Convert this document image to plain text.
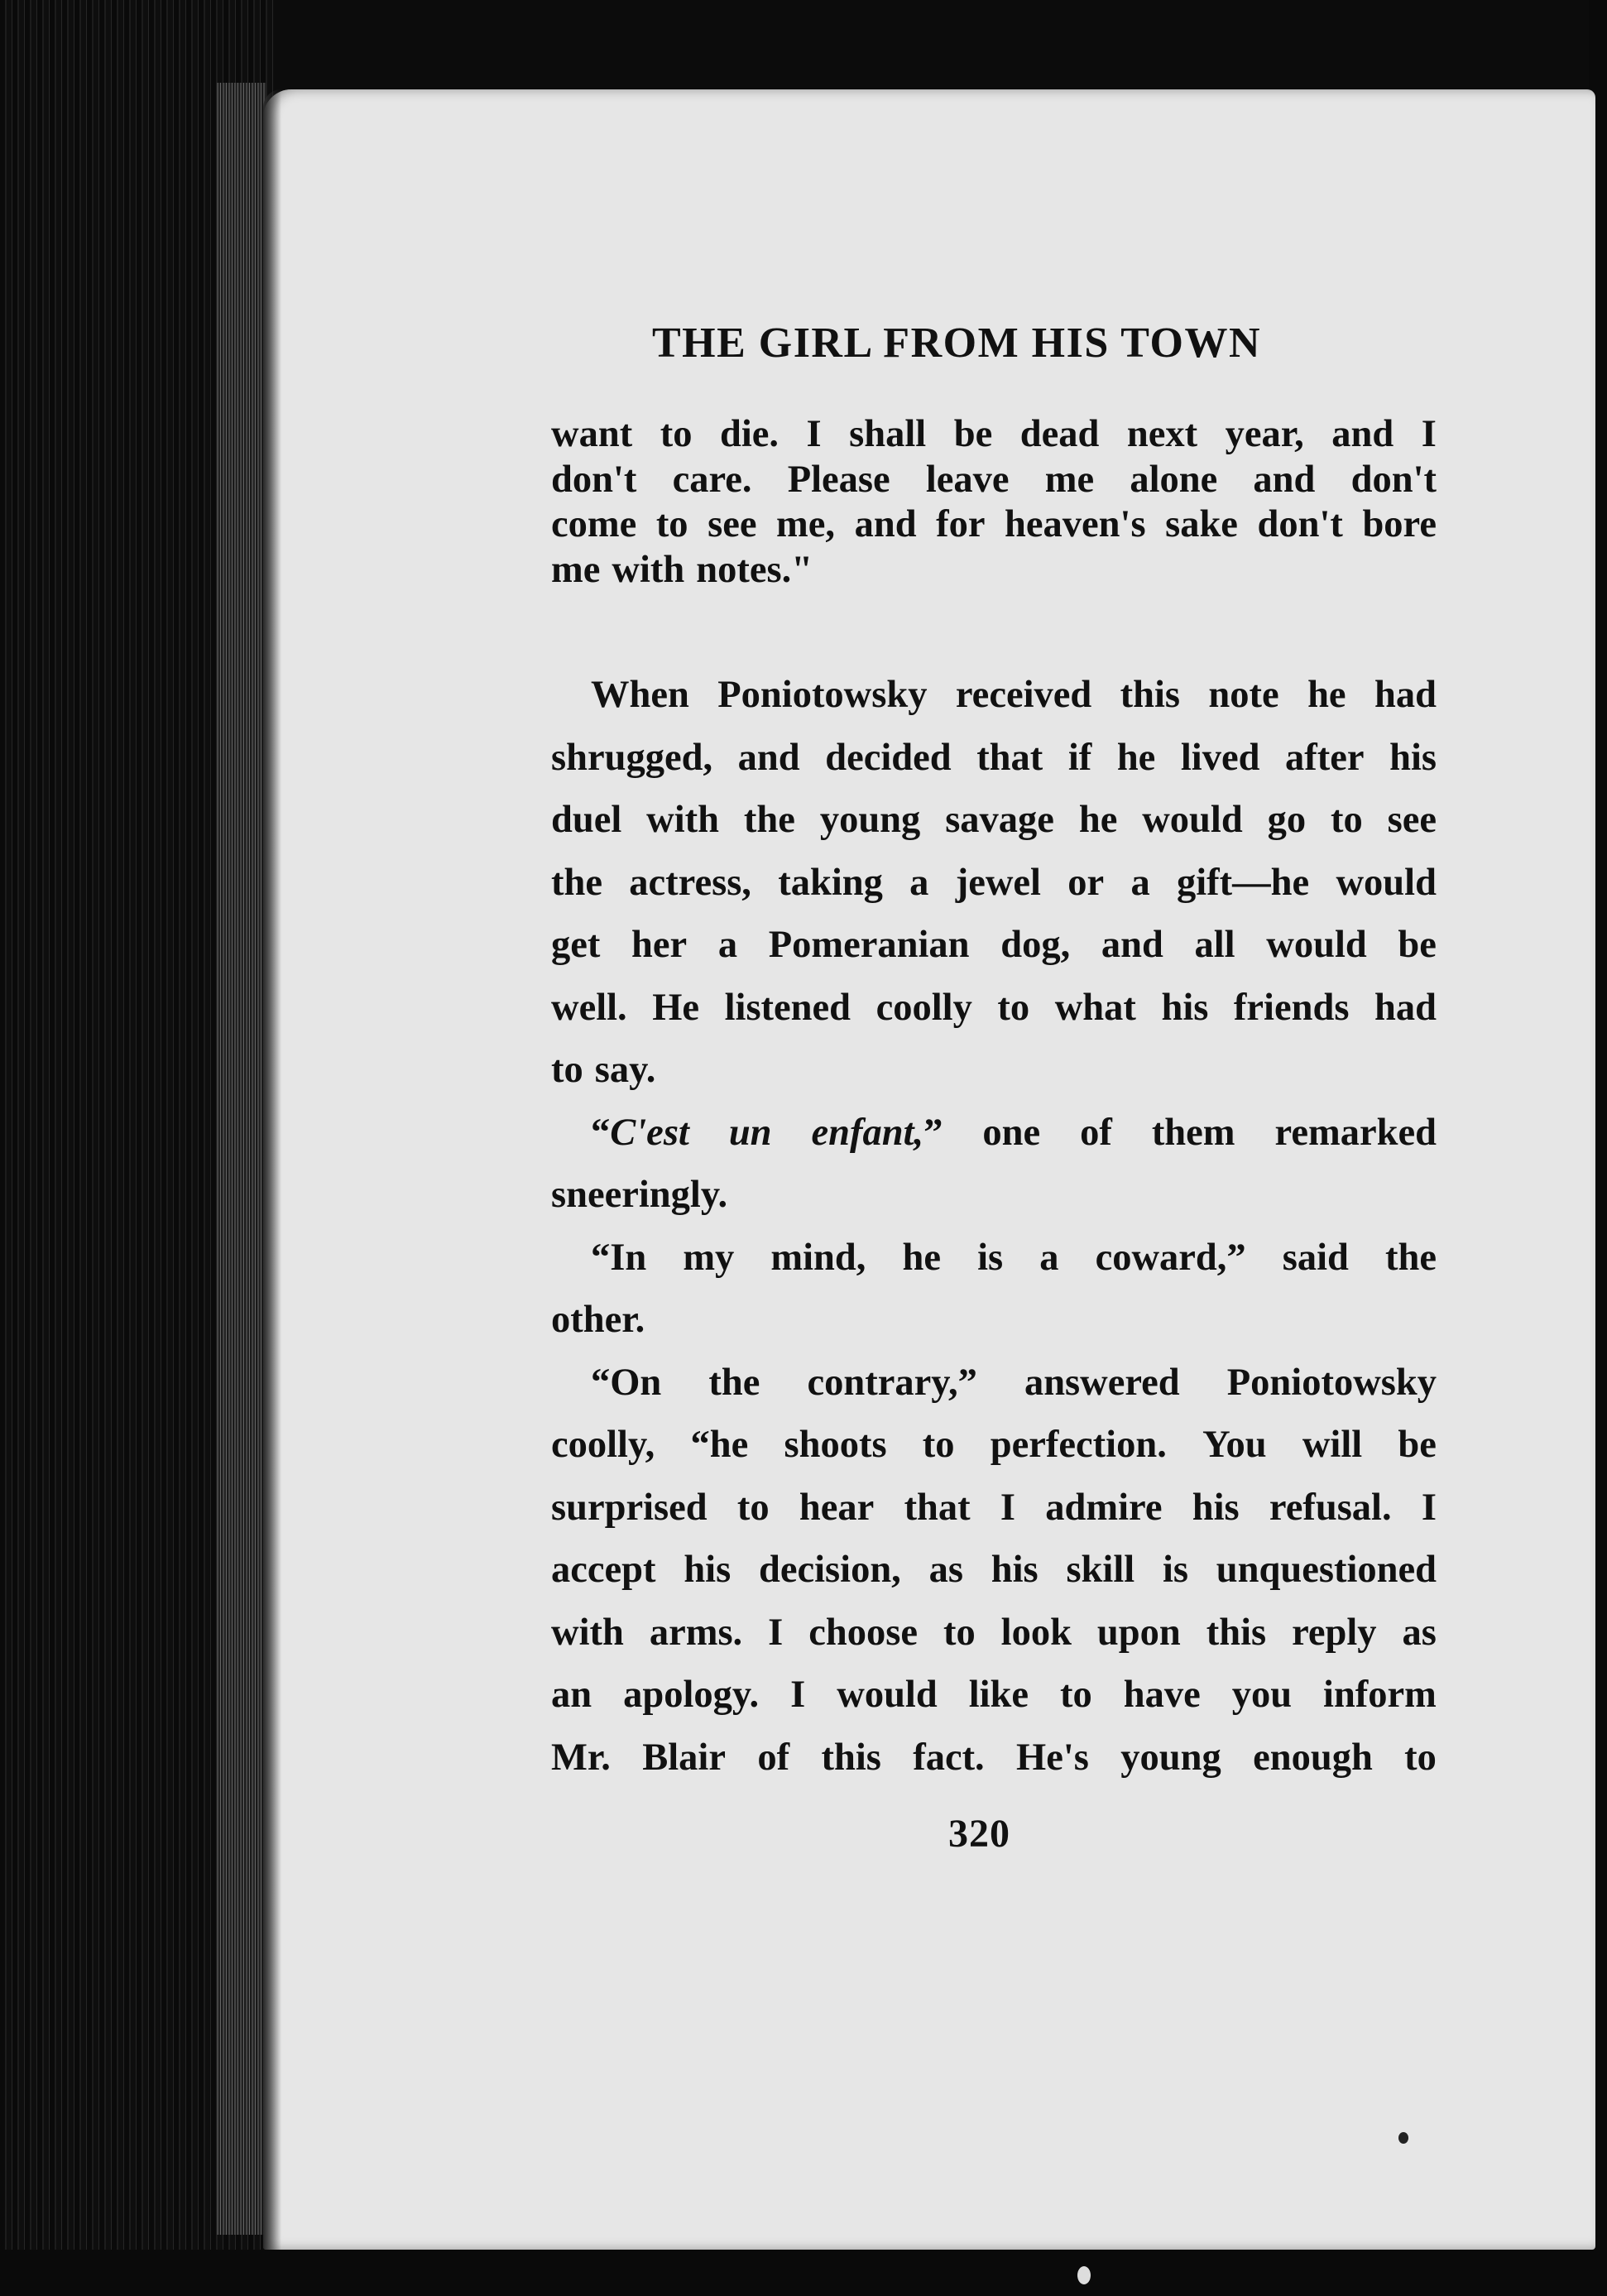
THE GIRL FROM HIS TOWN
want to die. I shall be dead next year, and I
don't care. Please leave me alone and don't
come to see me, and for heaven's sake don't bore
me with notes."
When Poniotowsky received this note he had
shrugged, and decided that if he lived after his
duel with the young savage he would go to see
the actress, taking a jewel or a gift—he would
get her a Pomeranian dog, and all would be
well. He listened coolly to what his friends had
to say.
“C'est un enfant,” one of them remarked
sneeringly.
“In my mind, he is a coward,” said the
other.
“On the contrary,” answered Poniotowsky
coolly, “he shoots to perfection. You will be
surprised to hear that I admire his refusal. I
accept his decision, as his skill is unquestioned
with arms. I choose to look upon this reply as
an apology. I would like to have you inform
Mr. Blair of this fact. He's young enough to
320
